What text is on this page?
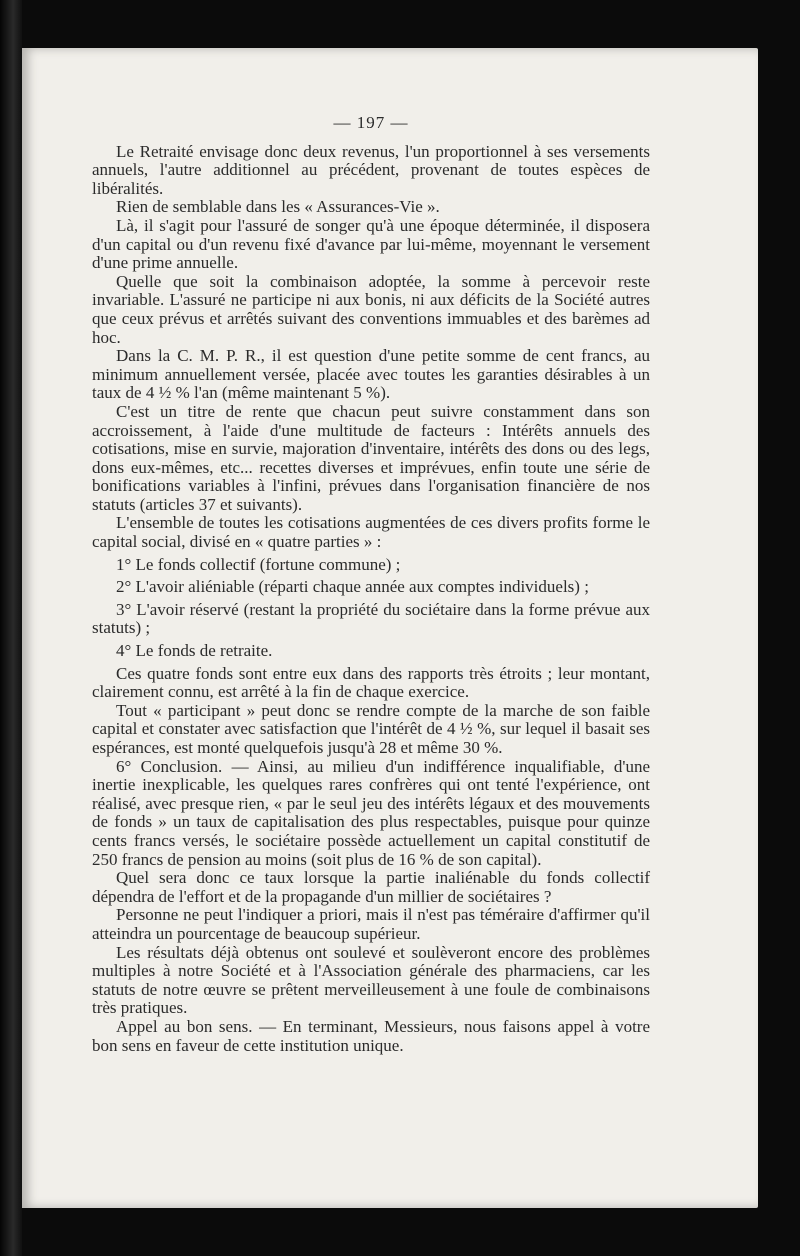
— 197 —

Le Retraité envisage donc deux revenus, l'un proportionnel à ses versements annuels, l'autre additionnel au précédent, provenant de toutes espèces de libéralités.

Rien de semblable dans les « Assurances-Vie ».

Là, il s'agit pour l'assuré de songer qu'à une époque déterminée, il disposera d'un capital ou d'un revenu fixé d'avance par lui-même, moyennant le versement d'une prime annuelle.

Quelle que soit la combinaison adoptée, la somme à percevoir reste invariable. L'assuré ne participe ni aux bonis, ni aux déficits de la Société autres que ceux prévus et arrêtés suivant des conventions immuables et des barèmes ad hoc.

Dans la C. M. P. R., il est question d'une petite somme de cent francs, au minimum annuellement versée, placée avec toutes les garanties désirables à un taux de 4 ½ % l'an (même maintenant 5 %).

C'est un titre de rente que chacun peut suivre constamment dans son accroissement, à l'aide d'une multitude de facteurs : Intérêts annuels des cotisations, mise en survie, majoration d'inventaire, intérêts des dons ou des legs, dons eux-mêmes, etc... recettes diverses et imprévues, enfin toute une série de bonifications variables à l'infini, prévues dans l'organisation financière de nos statuts (articles 37 et suivants).

L'ensemble de toutes les cotisations augmentées de ces divers profits forme le capital social, divisé en « quatre parties » :

1° Le fonds collectif (fortune commune) ;

2° L'avoir aliéniable (réparti chaque année aux comptes individuels) ;

3° L'avoir réservé (restant la propriété du sociétaire dans la forme prévue aux statuts) ;

4° Le fonds de retraite.

Ces quatre fonds sont entre eux dans des rapports très étroits ; leur montant, clairement connu, est arrêté à la fin de chaque exercice.

Tout « participant » peut donc se rendre compte de la marche de son faible capital et constater avec satisfaction que l'intérêt de 4 ½ %, sur lequel il basait ses espérances, est monté quelquefois jusqu'à 28 et même 30 %.

6° Conclusion. — Ainsi, au milieu d'un indifférence inqualifiable, d'une inertie inexplicable, les quelques rares confrères qui ont tenté l'expérience, ont réalisé, avec presque rien, « par le seul jeu des intérêts légaux et des mouvements de fonds » un taux de capitalisation des plus respectables, puisque pour quinze cents francs versés, le sociétaire possède actuellement un capital constitutif de 250 francs de pension au moins (soit plus de 16 % de son capital).

Quel sera donc ce taux lorsque la partie inaliénable du fonds collectif dépendra de l'effort et de la propagande d'un millier de sociétaires ?

Personne ne peut l'indiquer a priori, mais il n'est pas téméraire d'affirmer qu'il atteindra un pourcentage de beaucoup supérieur.

Les résultats déjà obtenus ont soulevé et soulèveront encore des problèmes multiples à notre Société et à l'Association générale des pharmaciens, car les statuts de notre œuvre se prêtent merveilleusement à une foule de combinaisons très pratiques.

Appel au bon sens. — En terminant, Messieurs, nous faisons appel à votre bon sens en faveur de cette institution unique.
